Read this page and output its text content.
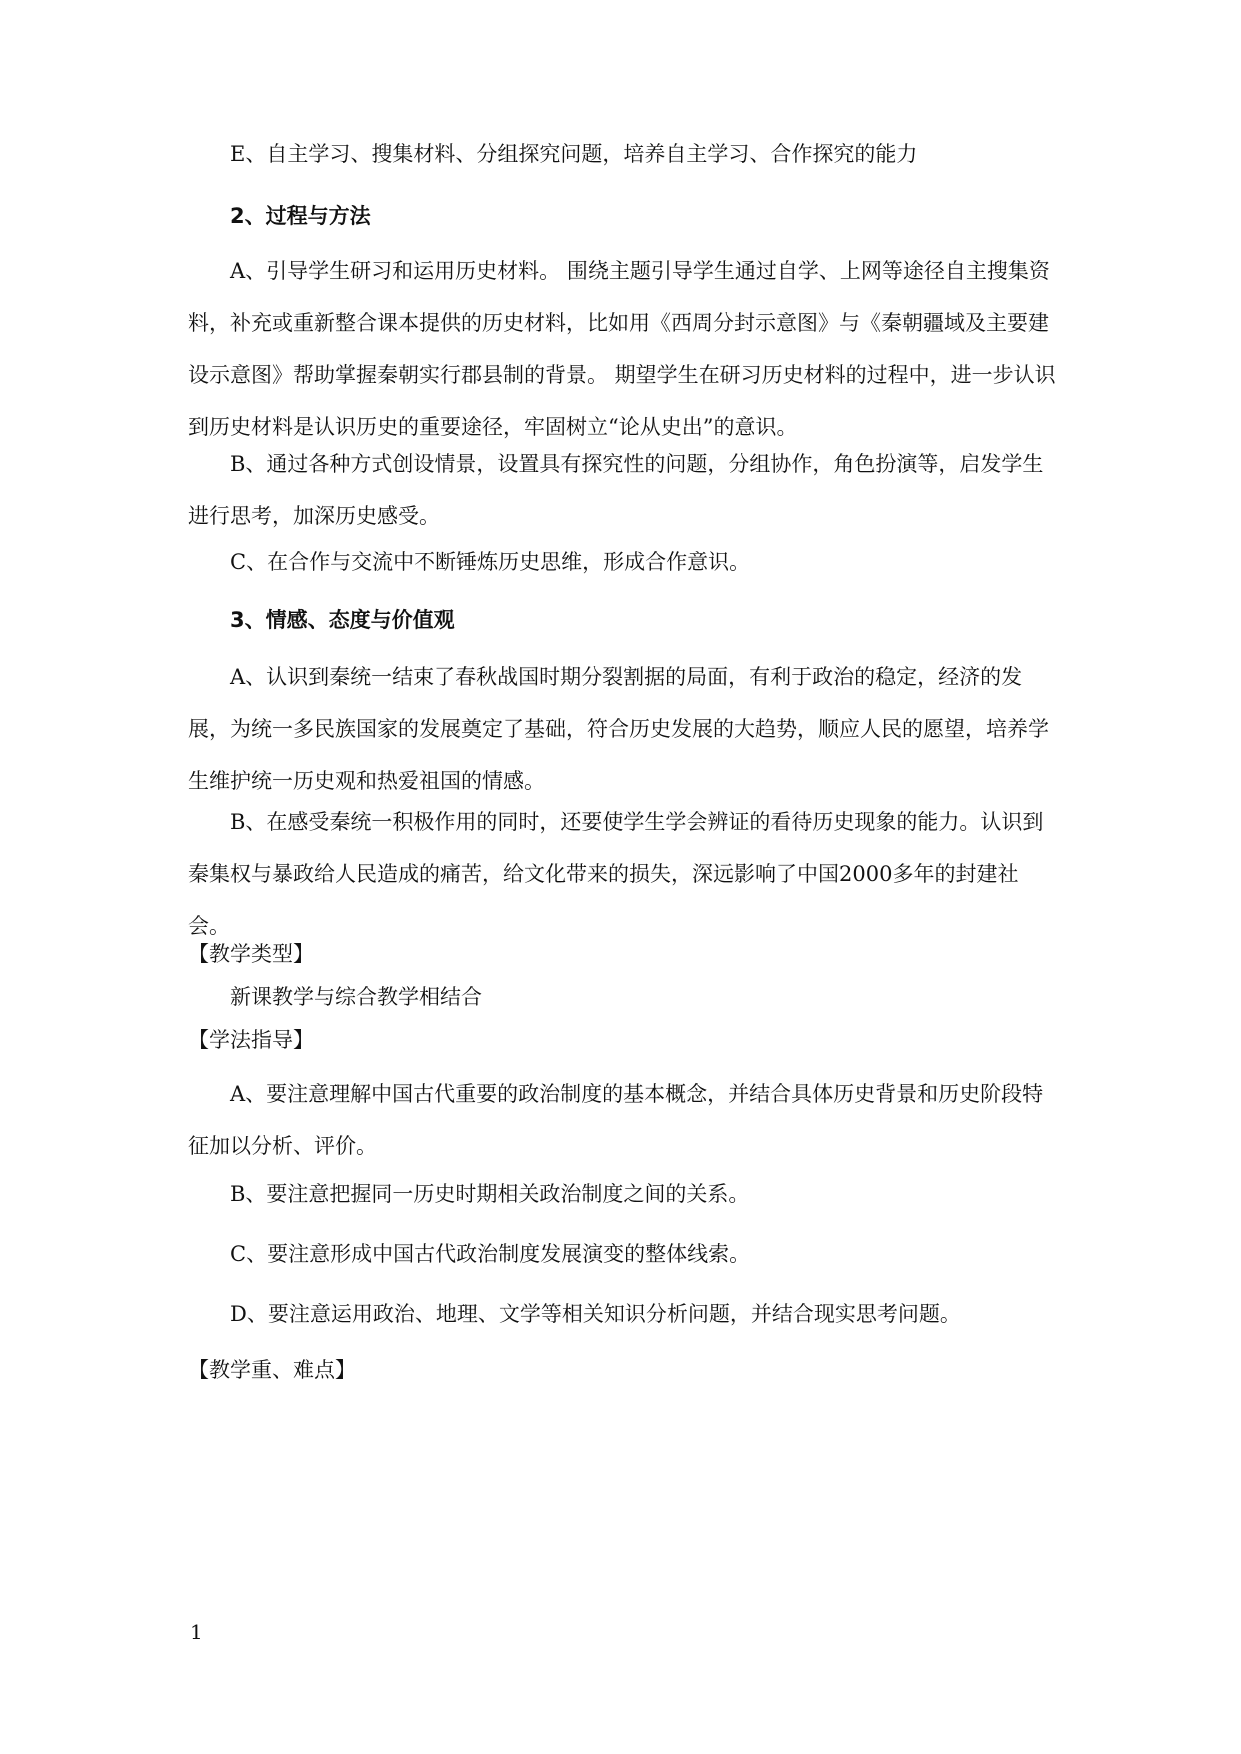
E、自主学习、搜集材料、分组探究问题，培养自主学习、合作探究的能力
2、过程与方法
A、引导学生研习和运用历史材料。 围绕主题引导学生通过自学、上网等途径自主搜集资料，补充或重新整合课本提供的历史材料，比如用《西周分封示意图》与《秦朝疆域及主要建设示意图》帮助掌握秦朝实行郡县制的背景。 期望学生在研习历史材料的过程中，进一步认识到历史材料是认识历史的重要途径，牢固树立“论从史出”的意识。
B、通过各种方式创设情景，设置具有探究性的问题，分组协作，角色扮演等，启发学生进行思考，加深历史感受。
C、在合作与交流中不断锤炼历史思维，形成合作意识。
3、情感、态度与价值观
A、认识到秦统一结束了春秋战国时期分裂割据的局面，有利于政治的稳定，经济的发展，为统一多民族国家的发展奠定了基础，符合历史发展的大趋势，顺应人民的愿望，培养学生维护统一历史观和热爱祖国的情感。
B、在感受秦统一积极作用的同时，还要使学生学会辨证的看待历史现象的能力。认识到秦集权与暴政给人民造成的痛苦，给文化带来的损失，深远影响了中国2000多年的封建社会。
【教学类型】
新课教学与综合教学相结合
【学法指导】
A、要注意理解中国古代重要的政治制度的基本概念，并结合具体历史背景和历史阶段特征加以分析、评价。
B、要注意把握同一历史时期相关政治制度之间的关系。
C、要注意形成中国古代政治制度发展演变的整体线索。
D、要注意运用政治、地理、文学等相关知识分析问题，并结合现实思考问题。
【教学重、难点】
1
